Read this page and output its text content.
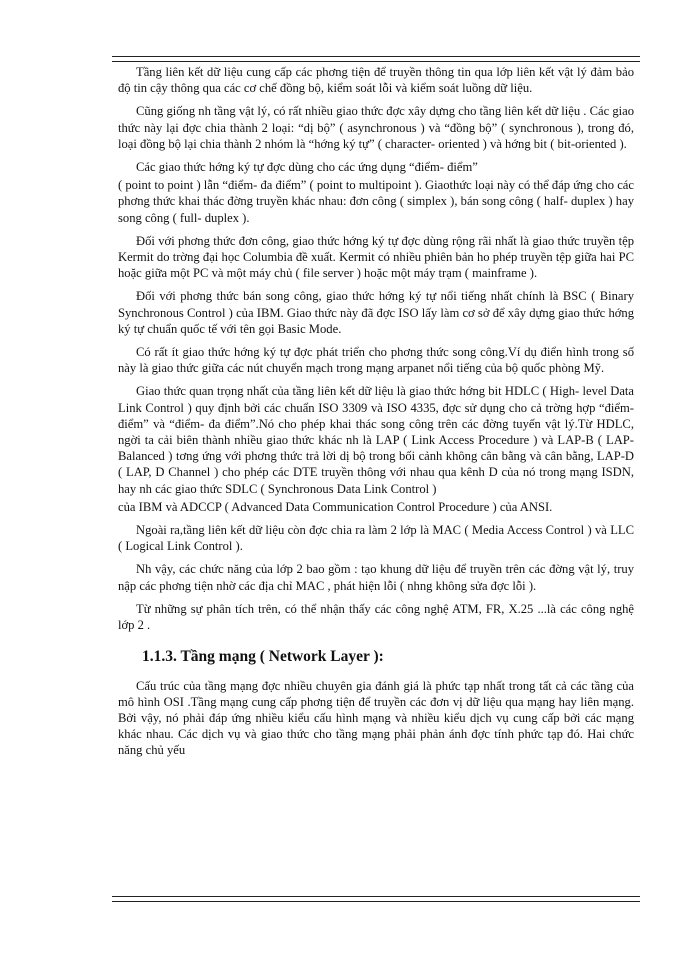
Tầng liên kết dữ liệu cung cấp các phơng tiện để truyền thông tin qua lớp liên kết vật lý đảm bảo độ tin cậy thông qua các cơ chế đồng bộ, kiểm soát lỗi và kiểm soát luồng dữ liệu.

Cũng giống nh tầng vật lý, có rất nhiều giao thức đợc xây dựng cho tầng liên kết dữ liệu . Các giao thức này lại đợc chia thành 2 loại: “dị bộ” ( asynchronous ) và “đồng bộ” ( synchronous ), trong đó, loại đồng bộ lại chia thành 2 nhóm là “hớng ký tự” ( character- oriented ) và hớng bit ( bit-oriented ).

Các giao thức hớng ký tự đợc dùng cho các ứng dụng “điểm- điểm”

( point to point ) lẫn “điểm- đa điểm” ( point to multipoint ). Giaothức loại này có thể đáp ứng cho các phơng thức khai thác đờng truyền khác nhau: đơn công ( simplex ), bán song công ( half- duplex ) hay song công ( full- duplex ).

Đối với phơng thức đơn công, giao thức hớng ký tự đợc dùng rộng rãi nhất là giao thức truyền tệp Kermit do trờng đại học Columbia đề xuất. Kermit có nhiều phiên bản ho phép truyền tệp giữa hai PC hoặc giữa một PC và một máy chủ ( file server ) hoặc một máy trạm ( mainframe ).

Đối với phơng thức bán song công, giao thức hớng ký tự nổi tiếng nhất chính là BSC ( Binary Synchronous Control ) của IBM. Giao thức này đã đợc ISO lấy làm cơ sở để xây dựng giao thức hớng ký tự chuẩn quốc tế với tên gọi Basic Mode.

Có rất ít giao thức hớng ký tự đợc phát triển cho phơng thức song công.Ví dụ điển hình trong số này là giao thức giữa các nút chuyển mạch trong mạng arpanet nổi tiếng của bộ quốc phòng Mỹ.

Giao thức quan trọng nhất của tầng liên kết dữ liệu là giao thức hớng bit HDLC ( High- level Data Link Control ) quy định bởi các chuẩn ISO 3309 và ISO 4335, đợc sử dụng cho cả trờng hợp “điểm- điểm” và “điểm- đa điểm”.Nó cho phép khai thác song công trên các đờng tuyến vật lý.Từ HDLC, ngời ta cải biên thành nhiều giao thức khác nh là LAP ( Link Access Procedure ) và LAP-B ( LAP- Balanced ) tơng ứng với phơng thức trả lời dị bộ trong bối cảnh không cân bằng và cân bằng, LAP-D ( LAP, D Channel ) cho phép các DTE truyền thông với nhau qua kênh D của nó trong mạng ISDN, hay nh các giao thức SDLC ( Synchronous Data Link Control )

của IBM và ADCCP ( Advanced Data Communication Control Procedure ) của ANSI.

Ngoài ra,tầng liên kết dữ liệu còn đợc chia ra làm 2 lớp là MAC ( Media Access Control ) và LLC ( Logical Link Control ).

Nh vậy, các chức năng của lớp 2 bao gồm : tạo khung dữ liệu để truyền trên các đờng vật lý, truy nập các phơng tiện nhờ các địa chỉ MAC , phát hiện lỗi ( nhng không sửa đợc lỗi ).

Từ những sự phân tích trên, có thể nhận thấy các công nghệ ATM, FR, X.25 ...là các công nghệ lớp 2 .

1.1.3. Tầng mạng ( Network Layer ):

Cấu trúc của tầng mạng đợc nhiều chuyên gia đánh giá là phức tạp nhất trong tất cả các tầng của mô hình OSI .Tầng mạng cung cấp phơng tiện để truyền các đơn vị dữ liệu qua mạng hay liên mạng. Bởi vậy, nó phải đáp ứng nhiều kiểu cấu hình mạng và nhiều kiểu dịch vụ cung cấp bởi các mạng khác nhau. Các dịch vụ và giao thức cho tầng mạng phải phản ánh đợc tính phức tạp đó. Hai chức năng chủ yếu
